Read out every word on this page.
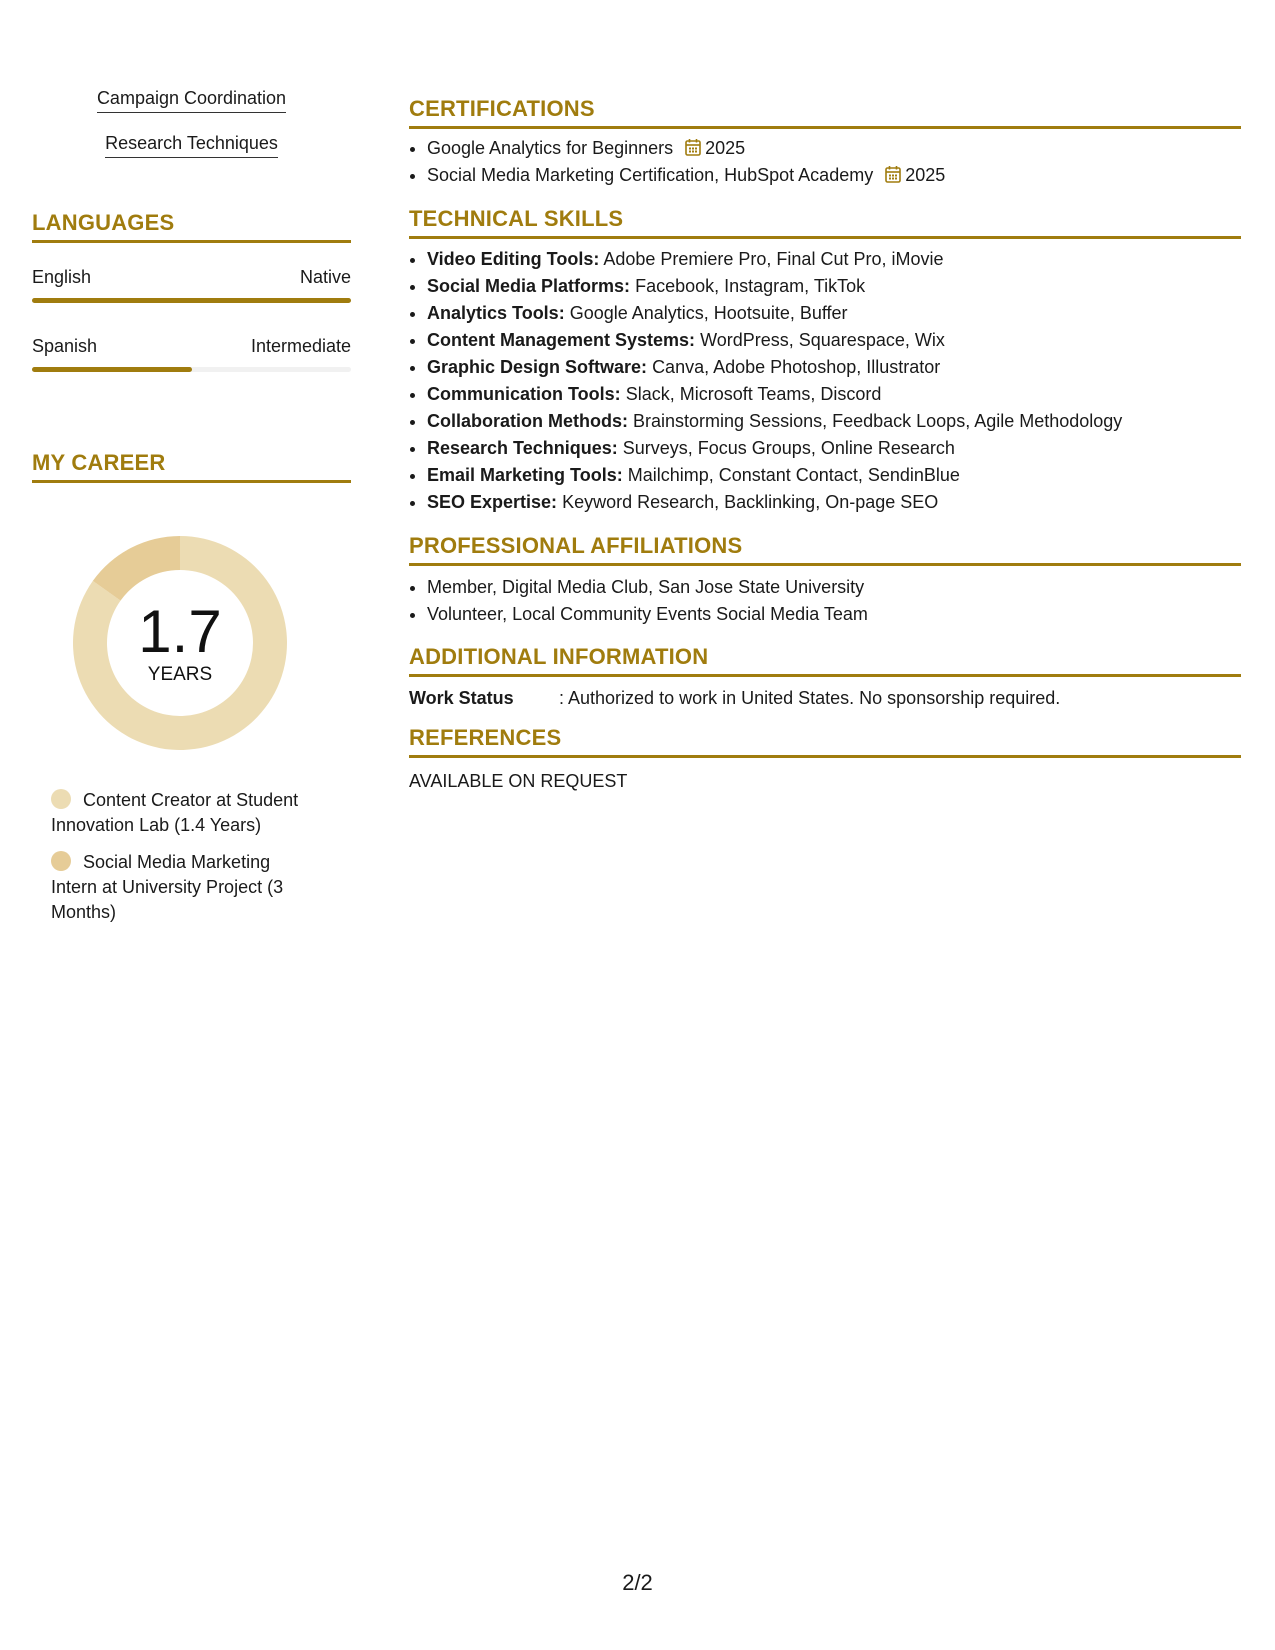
Campaign Coordination
Research Techniques
LANGUAGES
English	Native
Spanish	Intermediate
MY CAREER
1.7
YEARS
Content Creator at Student Innovation Lab (1.4 Years)
Social Media Marketing Intern at University Project (3 Months)
CERTIFICATIONS
• Google Analytics for Beginners 2025
• Social Media Marketing Certification, HubSpot Academy 2025
TECHNICAL SKILLS
• Video Editing Tools: Adobe Premiere Pro, Final Cut Pro, iMovie
• Social Media Platforms: Facebook, Instagram, TikTok
• Analytics Tools: Google Analytics, Hootsuite, Buffer
• Content Management Systems: WordPress, Squarespace, Wix
• Graphic Design Software: Canva, Adobe Photoshop, Illustrator
• Communication Tools: Slack, Microsoft Teams, Discord
• Collaboration Methods: Brainstorming Sessions, Feedback Loops, Agile Methodology
• Research Techniques: Surveys, Focus Groups, Online Research
• Email Marketing Tools: Mailchimp, Constant Contact, SendinBlue
• SEO Expertise: Keyword Research, Backlinking, On-page SEO
PROFESSIONAL AFFILIATIONS
• Member, Digital Media Club, San Jose State University
• Volunteer, Local Community Events Social Media Team
ADDITIONAL INFORMATION
Work Status	: Authorized to work in United States. No sponsorship required.
REFERENCES
AVAILABLE ON REQUEST
2/2
